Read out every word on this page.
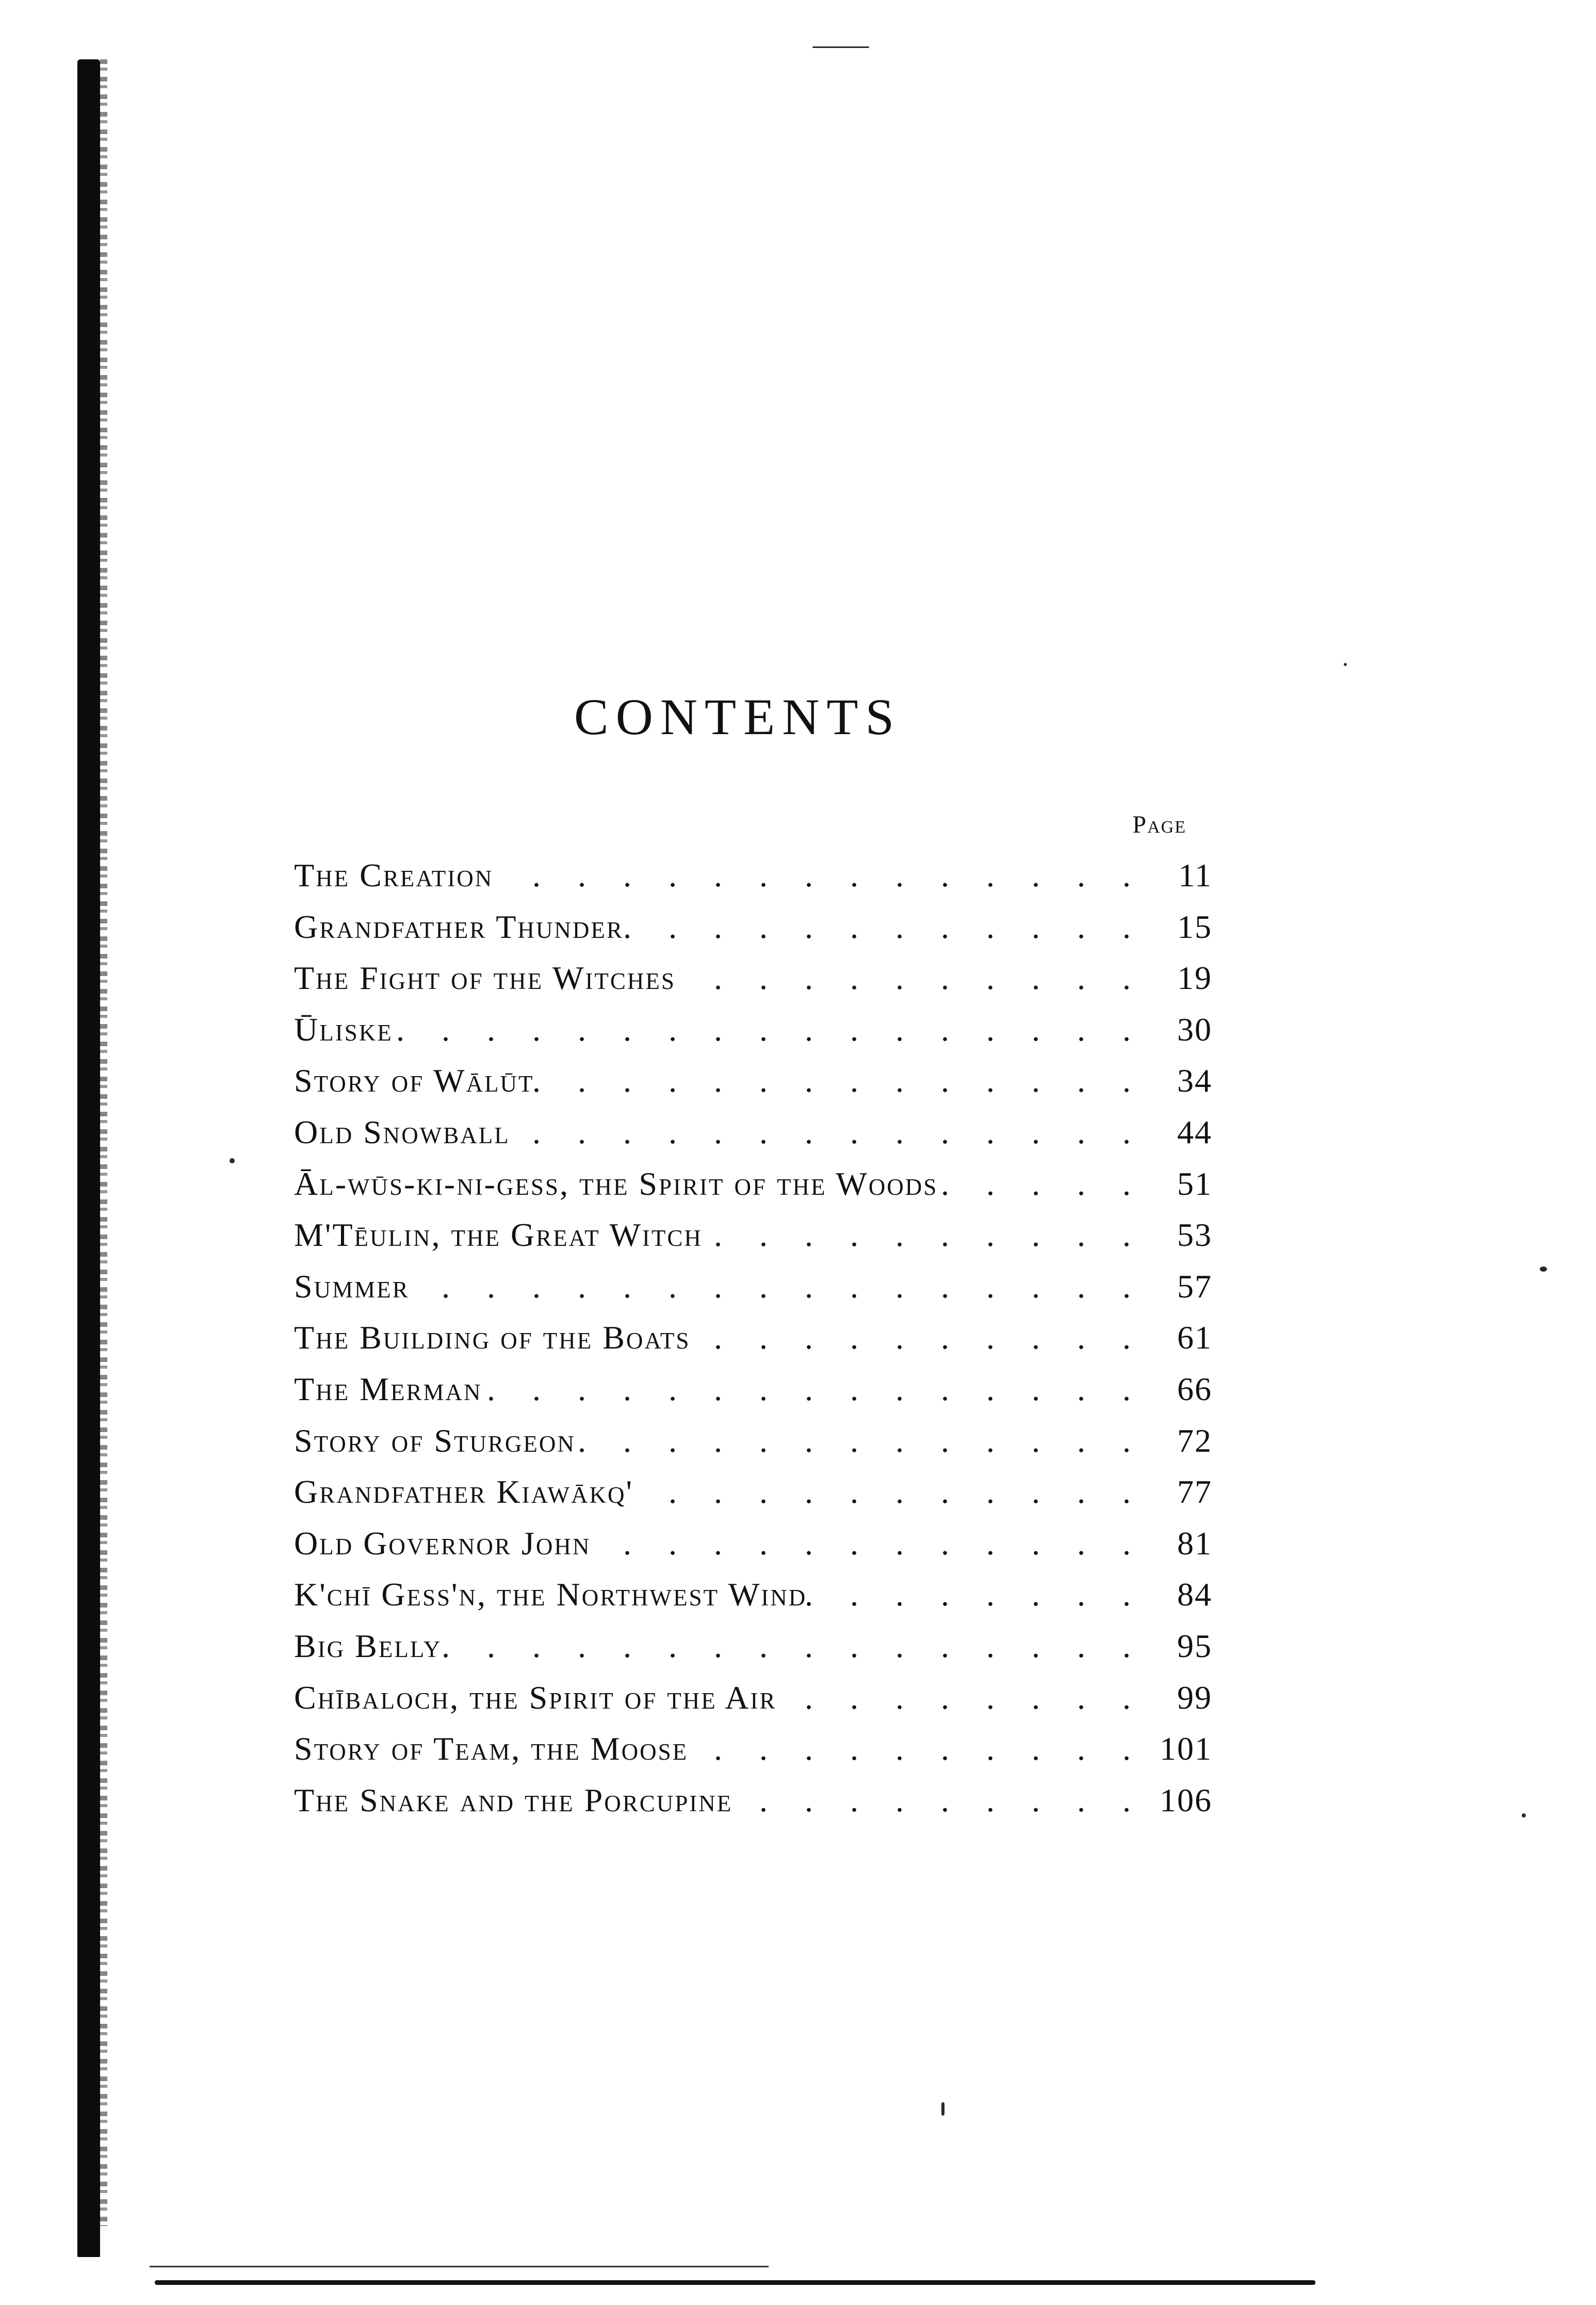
CONTENTS
Page
The Creation . . .	11
Grandfather Thunder . . .	15
The Fight of the Witches . . .	19
Ūliske . . .	30
Story of Wālūt . . .	34
Old Snowball . . .	44
Āl-wūs-ki-ni-gess, the Spirit of the Woods . . .	51
M'Tēulin, the Great Witch . . .	53
Summer . . .	57
The Building of the Boats . . .	61
The Merman . . .	66
Story of Sturgeon . . .	72
Grandfather Kiawākq' . . .	77
Old Governor John . . .	81
K'chī Gess'n, the Northwest Wind . . .	84
Big Belly . . .	95
Chībaloch, the Spirit of the Air . . .	99
Story of Team, the Moose . . .	101
The Snake and the Porcupine . . .	106
